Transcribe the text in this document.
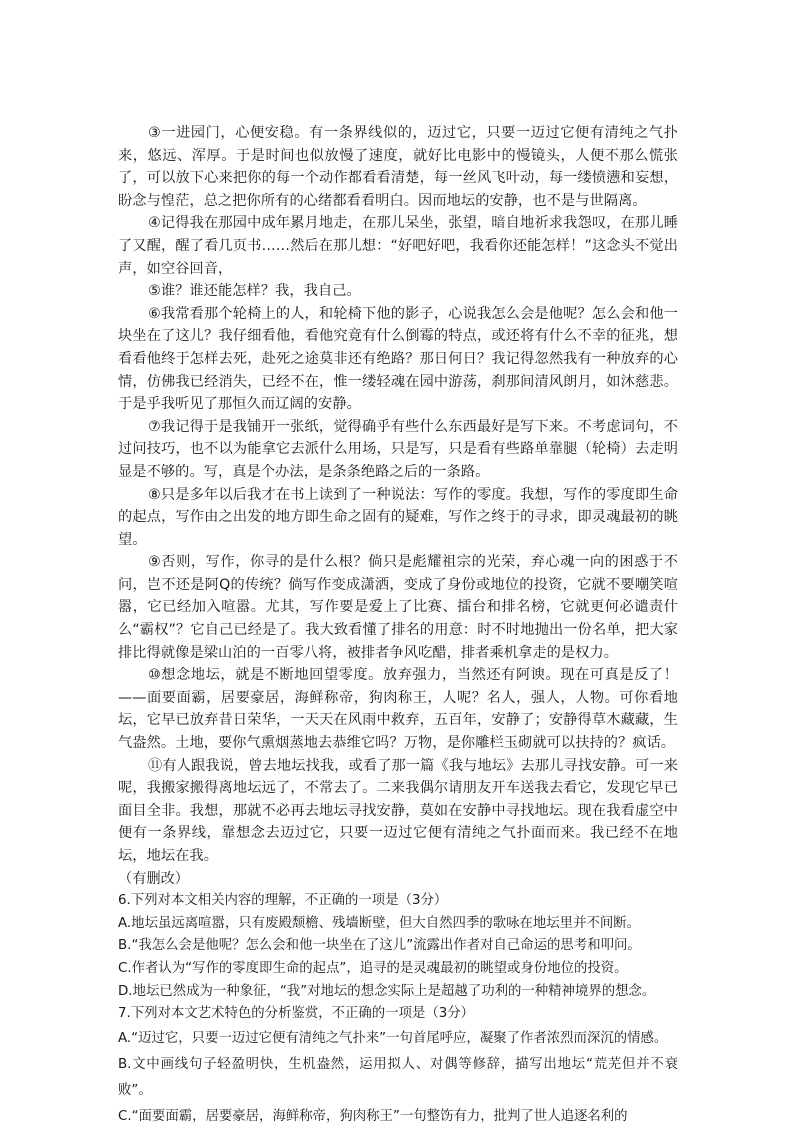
③一进园门，心便安稳。有一条界线似的，迈过它，只要一迈过它便有清纯之气扑来，悠远、浑厚。于是时间也似放慢了速度，就好比电影中的慢镜头，人便不那么慌张了，可以放下心来把你的每一个动作都看看清楚，每一丝风飞叶动，每一缕愤懑和妄想，盼念与惶茫，总之把你所有的心绪都看看明白。因而地坛的安静，也不是与世隔离。

④记得我在那园中成年累月地走，在那儿呆坐，张望，暗自地祈求我怨叹，在那儿睡了又醒，醒了看几页书……然后在那儿想：“好吧好吧，我看你还能怎样！”这念头不觉出声，如空谷回音，

⑤谁？谁还能怎样？我，我自己。

⑥我常看那个轮椅上的人，和轮椅下他的影子，心说我怎么会是他呢？怎么会和他一块坐在了这儿？我仔细看他，看他究竟有什么倒霉的特点，或还将有什么不幸的征兆，想看看他终于怎样去死，赴死之途莫非还有绝路？那日何日？我记得忽然我有一种放弃的心情，仿佛我已经消失，已经不在，惟一缕轻魂在园中游荡，刹那间清风朗月，如沐慈悲。于是乎我听见了那恒久而辽阔的安静。

⑦我记得于是我铺开一张纸，觉得确乎有些什么东西最好是写下来。不考虑词句，不过问技巧，也不以为能拿它去派什么用场，只是写，只是看有些路单靠腿（轮椅）去走明显是不够的。写，真是个办法，是条条绝路之后的一条路。

⑧只是多年以后我才在书上读到了一种说法：写作的零度。我想，写作的零度即生命的起点，写作由之出发的地方即生命之固有的疑难，写作之终于的寻求，即灵魂最初的眺望。

⑨否则，写作，你寻的是什么根？倘只是彪耀祖宗的光荣，弃心魂一向的困惑于不问，岂不还是阿Q的传统？倘写作变成潇洒，变成了身份或地位的投资，它就不要嘲笑喧嚣，它已经加入喧嚣。尤其，写作要是爱上了比赛、擂台和排名榜，它就更何必谴责什么“霸权”？它自己已经是了。我大致看懂了排名的用意：时不时地抛出一份名单，把大家排比得就像是梁山泊的一百零八将，被排者争风吃醋，排者乘机拿走的是权力。

⑩想念地坛，就是不断地回望零度。放弃强力，当然还有阿谀。现在可真是反了！——面要面霸，居要豪居，海鲜称帝，狗肉称王，人呢？名人，强人，人物。可你看地坛，它早已放弃昔日荣华，一天天在风雨中救弃，五百年，安静了；安静得草木藏藏，生气盎然。土地，要你气熏烟蒸地去恭维它吗？万物，是你雕栏玉砌就可以扶持的？疯话。

⑪有人跟我说，曾去地坛找我，或看了那一篇《我与地坛》去那儿寻找安静。可一来呢，我搬家搬得离地坛远了，不常去了。二来我偶尔请朋友开车送我去看它，发现它早已面目全非。我想，那就不必再去地坛寻找安静，莫如在安静中寻找地坛。现在我看虚空中便有一条界线，靠想念去迈过它，只要一迈过它便有清纯之气扑面而来。我已经不在地坛，地坛在我。

（有删改）

6.下列对本文相关内容的理解，不正确的一项是（3分）

A.地坛虽远离喧嚣，只有废殿颓檐、残墙断壁，但大自然四季的歌咏在地坛里并不间断。

B.“我怎么会是他呢？怎么会和他一块坐在了这儿”流露出作者对自己命运的思考和叩问。

C.作者认为“写作的零度即生命的起点”，追寻的是灵魂最初的眺望或身份地位的投资。

D.地坛已然成为一种象征，“我”对地坛的想念实际上是超越了功利的一种精神境界的想念。

7.下列对本文艺术特色的分析鉴赏，不正确的一项是（3分）

A.“迈过它，只要一迈过它便有清纯之气扑来”一句首尾呼应，凝聚了作者浓烈而深沉的情感。

B.文中画线句子轻盈明快，生机盎然，运用拟人、对偶等修辞，描写出地坛“荒芜但并不衰败”。

C.“面要面霸，居要豪居，海鲜称帝，狗肉称王”一句整饬有力，批判了世人追逐名利的
